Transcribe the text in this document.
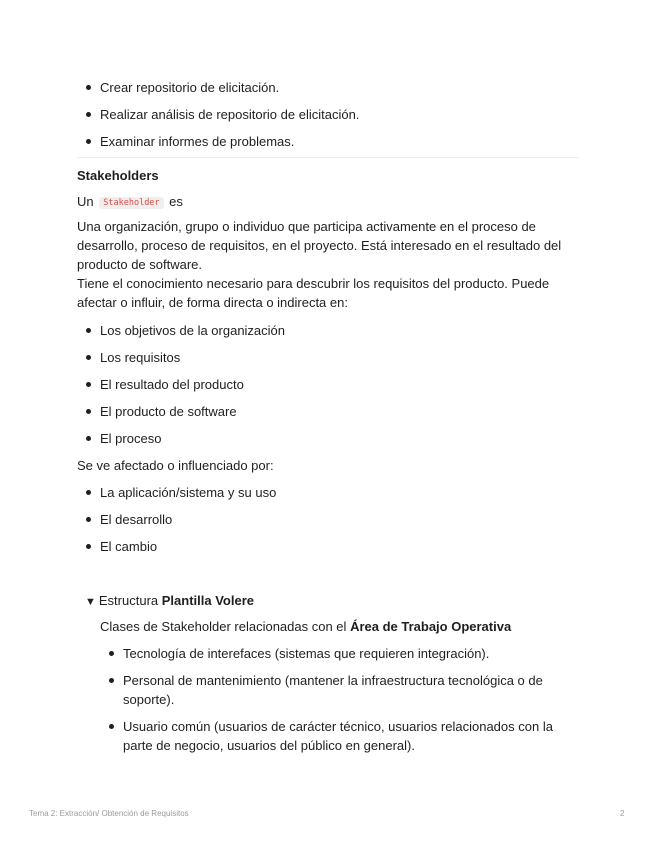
Crear repositorio de elicitación.
Realizar análisis de repositorio de elicitación.
Examinar informes de problemas.
Stakeholders
Un Stakeholder es
Una organización, grupo o individuo que participa activamente en el proceso de desarrollo, proceso de requisitos, en el proyecto. Está interesado en el resultado del producto de software.
Tiene el conocimiento necesario para descubrir los requisitos del producto. Puede afectar o influir, de forma directa o indirecta en:
Los objetivos de la organización
Los requisitos
El resultado del producto
El producto de software
El proceso
Se ve afectado o influenciado por:
La aplicación/sistema y su uso
El desarrollo
El cambio
▼ Estructura Plantilla Volere
Clases de Stakeholder relacionadas con el Área de Trabajo Operativa
Tecnología de interefaces (sistemas que requieren integración).
Personal de mantenimiento (mantener la infraestructura tecnológica o de soporte).
Usuario común (usuarios de carácter técnico, usuarios relacionados con la parte de negocio, usuarios del público en general).
Tema 2: Extracción/ Obtención de Requisitos	2
